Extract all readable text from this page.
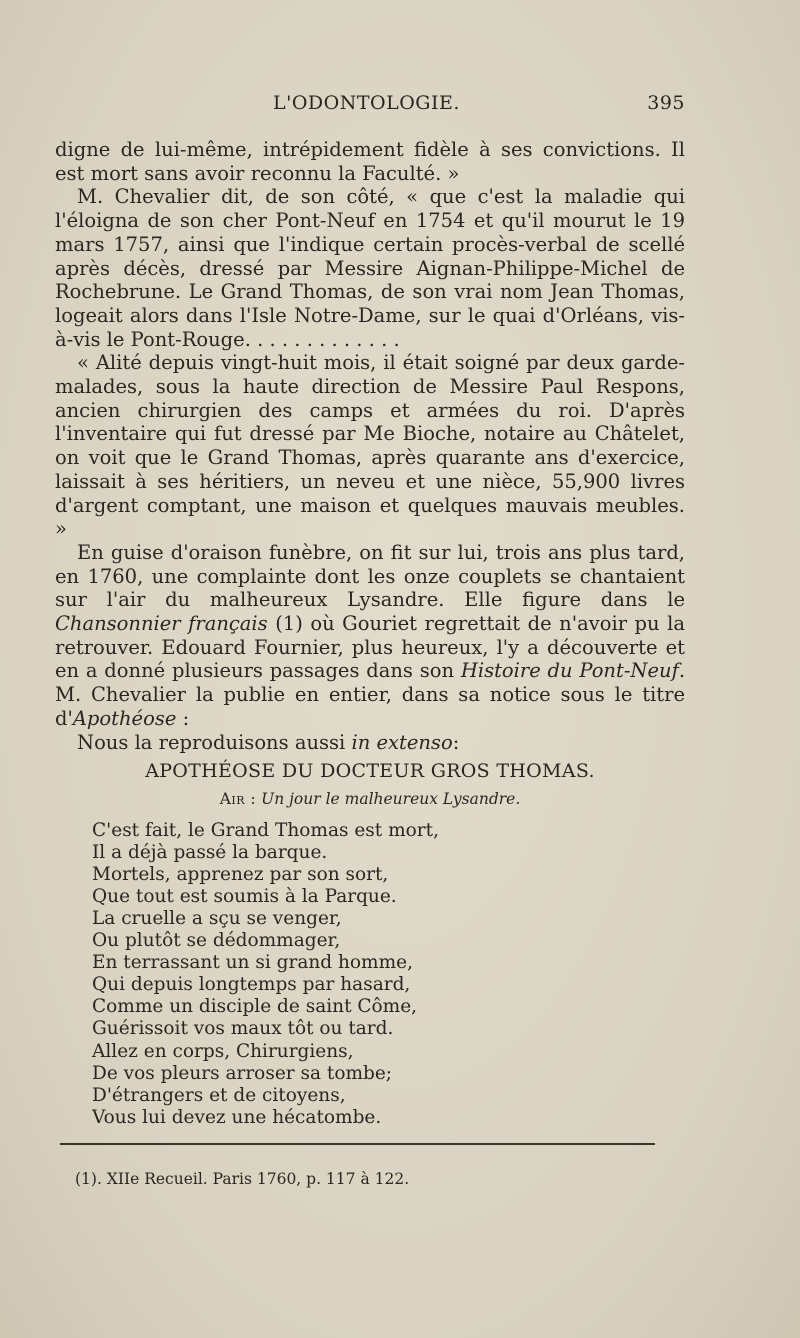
L'ODONTOLOGIE.	395

digne de lui-même, intrépidement fidèle à ses convictions. Il est mort sans avoir reconnu la Faculté. »

M. Chevalier dit, de son côté, « que c'est la maladie qui l'éloigna de son cher Pont-Neuf en 1754 et qu'il mourut le 19 mars 1757, ainsi que l'indique certain procès-verbal de scellé après décès, dressé par Messire Aignan-Philippe-Michel de Rochebrune. Le Grand Thomas, de son vrai nom Jean Thomas, logeait alors dans l'Isle Notre-Dame, sur le quai d'Orléans, vis-à-vis le Pont-Rouge. . . . . . . . . . . . .

« Alité depuis vingt-huit mois, il était soigné par deux garde-malades, sous la haute direction de Messire Paul Respons, ancien chirurgien des camps et armées du roi. D'après l'inventaire qui fut dressé par Me Bioche, notaire au Châtelet, on voit que le Grand Thomas, après quarante ans d'exercice, laissait à ses héritiers, un neveu et une nièce, 55,900 livres d'argent comptant, une maison et quelques mauvais meubles. »

En guise d'oraison funèbre, on fit sur lui, trois ans plus tard, en 1760, une complainte dont les onze couplets se chantaient sur l'air du malheureux Lysandre. Elle figure dans le Chansonnier français (1) où Gouriet regrettait de n'avoir pu la retrouver. Edouard Fournier, plus heureux, l'y a découverte et en a donné plusieurs passages dans son Histoire du Pont-Neuf. M. Chevalier la publie en entier, dans sa notice sous le titre d'Apothéose :

Nous la reproduisons aussi in extenso:

APOTHÉOSE DU DOCTEUR GROS THOMAS.
Air : Un jour le malheureux Lysandre.
C'est fait, le Grand Thomas est mort,
Il a déjà passé la barque.
Mortels, apprenez par son sort,
Que tout est soumis à la Parque.
La cruelle a sçu se venger,
Ou plutôt se dédommager,
En terrassant un si grand homme,
Qui depuis longtemps par hasard,
Comme un disciple de saint Côme,
Guérissoit vos maux tôt ou tard.
Allez en corps, Chirurgiens,
De vos pleurs arroser sa tombe;
D'étrangers et de citoyens,
Vous lui devez une hécatombe.
(1). XIIe Recueil. Paris 1760, p. 117 à 122.
